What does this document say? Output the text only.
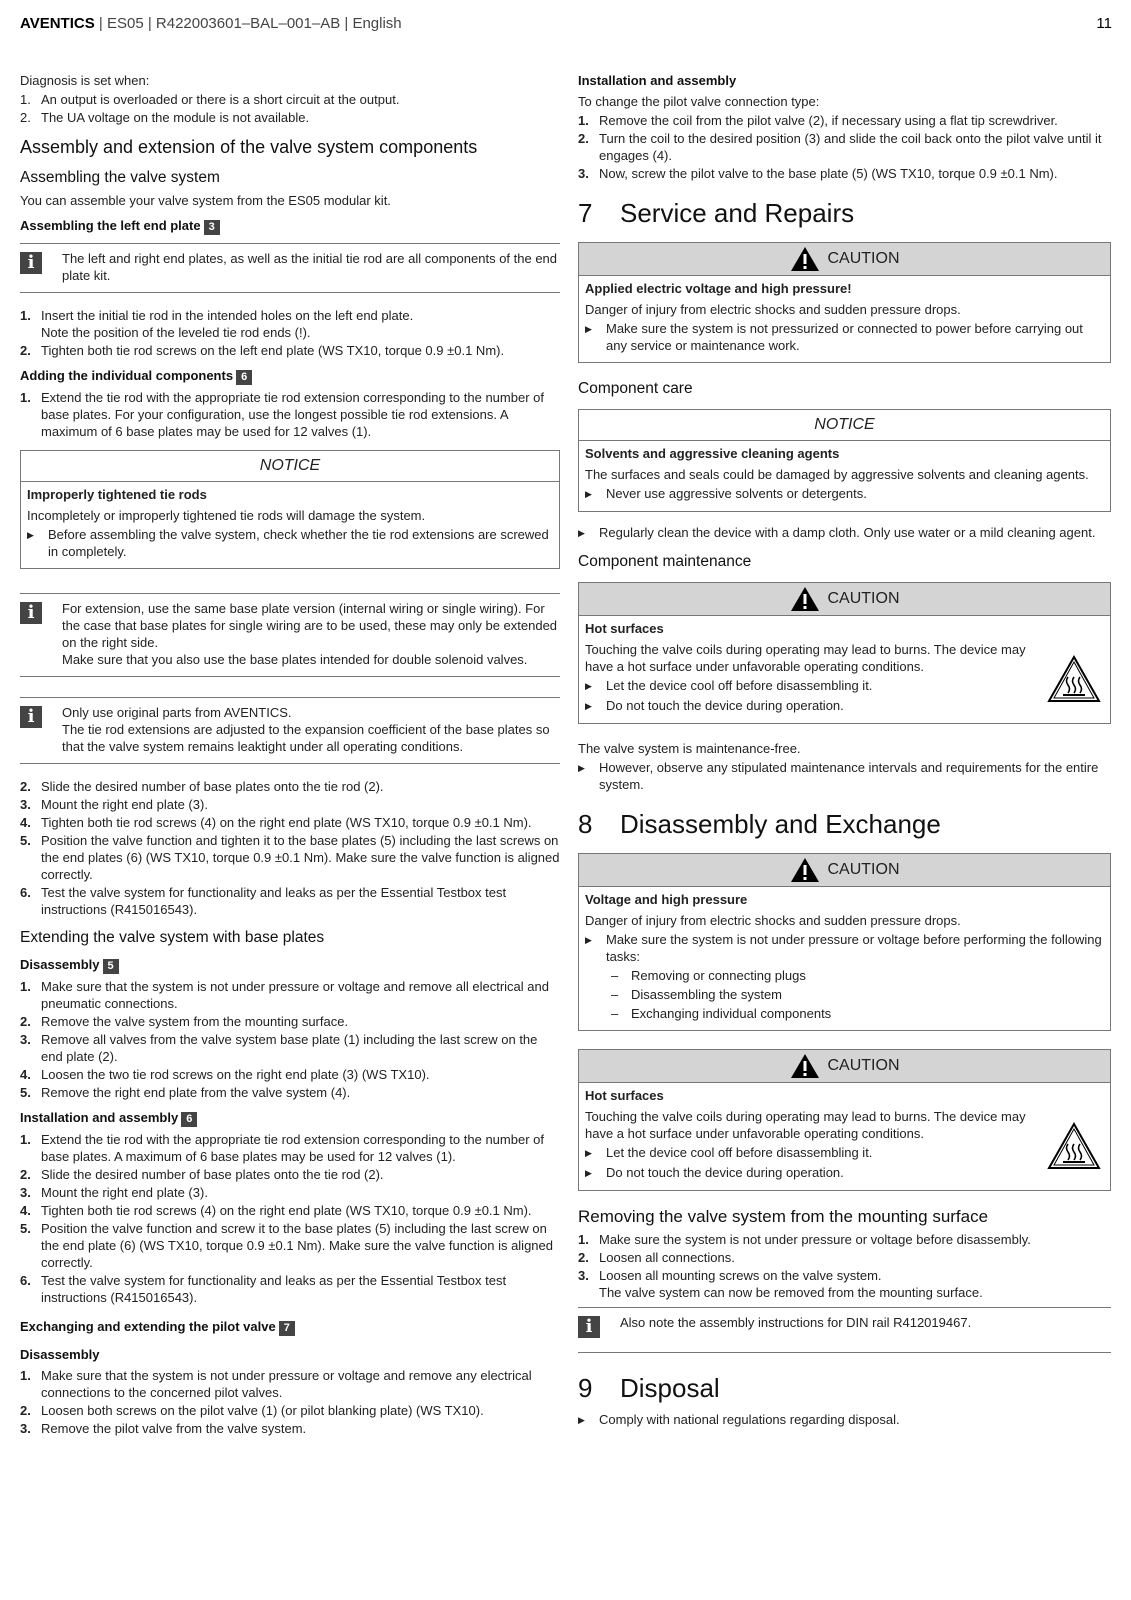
AVENTICS | ES05 | R422003601–BAL–001–AB | English	11

Diagnosis is set when:

1. An output is overloaded or there is a short circuit at the output.
2. The UA voltage on the module is not available.
Assembly and extension of the valve system components
Assembling the valve system

You can assemble your valve system from the ES05 modular kit.

Assembling the left end plate 3
i	The left and right end plates, as well as the initial tie rod are all components of the end plate kit.
1. Insert the initial tie rod in the intended holes on the left end plate.
Note the position of the leveled tie rod ends (!).
2. Tighten both tie rod screws on the left end plate (WS TX10, torque 0.9 ±0.1 Nm).
Adding the individual components 6
1. Extend the tie rod with the appropriate tie rod extension corresponding to the number of base plates. For your configuration, use the longest possible tie rod extensions. A maximum of 6 base plates may be used for 12 valves (1).
NOTICE
Improperly tightened tie rods

Incompletely or improperly tightened tie rods will damage the system.

▶	Before assembling the valve system, check whether the tie rod extensions are screwed in completely.
i	For extension, use the same base plate version (internal wiring or single wiring). For the case that base plates for single wiring are to be used, these may only be extended on the right side.
Make sure that you also use the base plates intended for double solenoid valves.
i	Only use original parts from AVENTICS.
The tie rod extensions are adjusted to the expansion coefficient of the base plates so that the valve system remains leaktight under all operating conditions.
2. Slide the desired number of base plates onto the tie rod (2).
3. Mount the right end plate (3).
4. Tighten both tie rod screws (4) on the right end plate (WS TX10, torque 0.9 ±0.1 Nm).
5. Position the valve function and tighten it to the base plates (5) including the last screws on the end plates (6) (WS TX10, torque 0.9 ±0.1 Nm). Make sure the valve function is aligned correctly.
6. Test the valve system for functionality and leaks as per the Essential Testbox test instructions (R415016543).
Extending the valve system with base plates
Disassembly 5
1. Make sure that the system is not under pressure or voltage and remove all electrical and pneumatic connections.
2. Remove the valve system from the mounting surface.
3. Remove all valves from the valve system base plate (1) including the last screw on the end plate (2).
4. Loosen the two tie rod screws on the right end plate (3) (WS TX10).
5. Remove the right end plate from the valve system (4).
Installation and assembly 6
1. Extend the tie rod with the appropriate tie rod extension corresponding to the number of base plates. A maximum of 6 base plates may be used for 12 valves (1).
2. Slide the desired number of base plates onto the tie rod (2).
3. Mount the right end plate (3).
4. Tighten both tie rod screws (4) on the right end plate (WS TX10, torque 0.9 ±0.1 Nm).
5. Position the valve function and screw it to the base plates (5) including the last screw on the end plate (6) (WS TX10, torque 0.9 ±0.1 Nm). Make sure the valve function is aligned correctly.
6. Test the valve system for functionality and leaks as per the Essential Testbox test instructions (R415016543).
Exchanging and extending the pilot valve 7
Disassembly
1. Make sure that the system is not under pressure or voltage and remove any electrical connections to the concerned pilot valves.
2. Loosen both screws on the pilot valve (1) (or pilot blanking plate) (WS TX10).
3. Remove the pilot valve from the valve system.
Installation and assembly

To change the pilot valve connection type:

1. Remove the coil from the pilot valve (2), if necessary using a flat tip screwdriver.
2. Turn the coil to the desired position (3) and slide the coil back onto the pilot valve until it engages (4).
3. Now, screw the pilot valve to the base plate (5) (WS TX10, torque 0.9 ±0.1 Nm).
7	Service and Repairs
CAUTION
Applied electric voltage and high pressure!

Danger of injury from electric shocks and sudden pressure drops.

▶	Make sure the system is not pressurized or connected to power before carrying out any service or maintenance work.
Component care
NOTICE
Solvents and aggressive cleaning agents

The surfaces and seals could be damaged by aggressive solvents and cleaning agents.

▶	Never use aggressive solvents or detergents.
▶	Regularly clean the device with a damp cloth. Only use water or a mild cleaning agent.
Component maintenance
CAUTION
Hot surfaces

Touching the valve coils during operating may lead to burns. The device may have a hot surface under unfavorable operating conditions.

▶	Let the device cool off before disassembling it.
▶	Do not touch the device during operation.

The valve system is maintenance-free.

▶	However, observe any stipulated maintenance intervals and requirements for the entire system.
8	Disassembly and Exchange
CAUTION
Voltage and high pressure

Danger of injury from electric shocks and sudden pressure drops.

▶	Make sure the system is not under pressure or voltage before performing the following tasks:
– Removing or connecting plugs
– Disassembling the system
– Exchanging individual components
CAUTION
Hot surfaces

Touching the valve coils during operating may lead to burns. The device may have a hot surface under unfavorable operating conditions.

▶	Let the device cool off before disassembling it.
▶	Do not touch the device during operation.
Removing the valve system from the mounting surface
1. Make sure the system is not under pressure or voltage before disassembly.
2. Loosen all connections.
3. Loosen all mounting screws on the valve system.
The valve system can now be removed from the mounting surface.
i	Also note the assembly instructions for DIN rail R412019467.
9	Disposal
▶	Comply with national regulations regarding disposal.
